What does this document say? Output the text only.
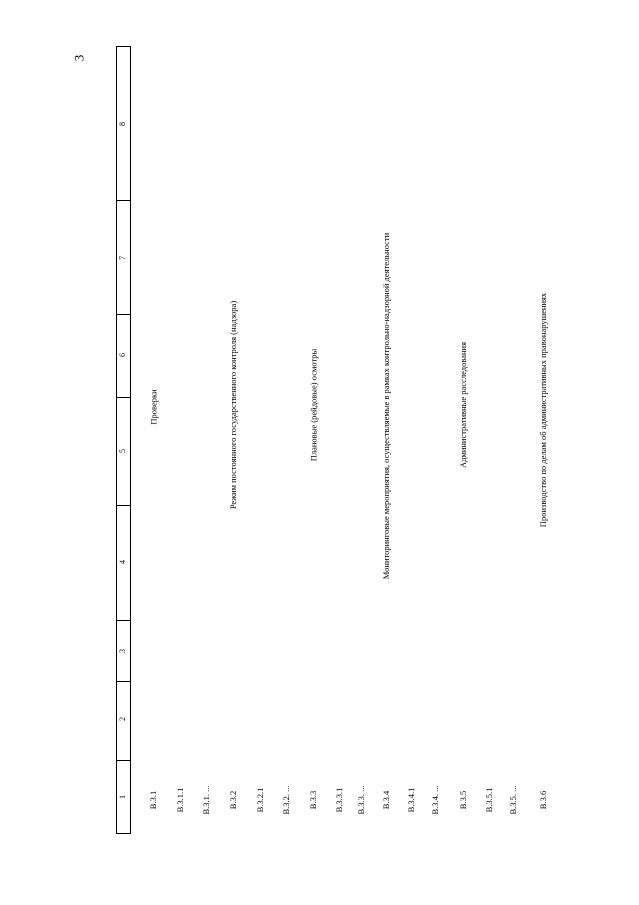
3
1
2
3
4
5
6
7
8
В.3.1
Проверки
В.3.1.1 В.3.1. ... В.3.2
Режим постоянного государственного контроля (надзора)
В.3.2.1 В.3.2. ... В.3.3
Плановые (рейдовые) осмотры
В.3.3.1 В.3.3. ... В.3.4
Мониторинговые мероприятия, осуществляемые в рамках контрольно-надзорной деятельности
В.3.4.1 В.3.4. ... В.3.5
Административные расследования
В.3.5.1 В.3.5. ... В.3.6
Производство по делам об административных правонарушениях
